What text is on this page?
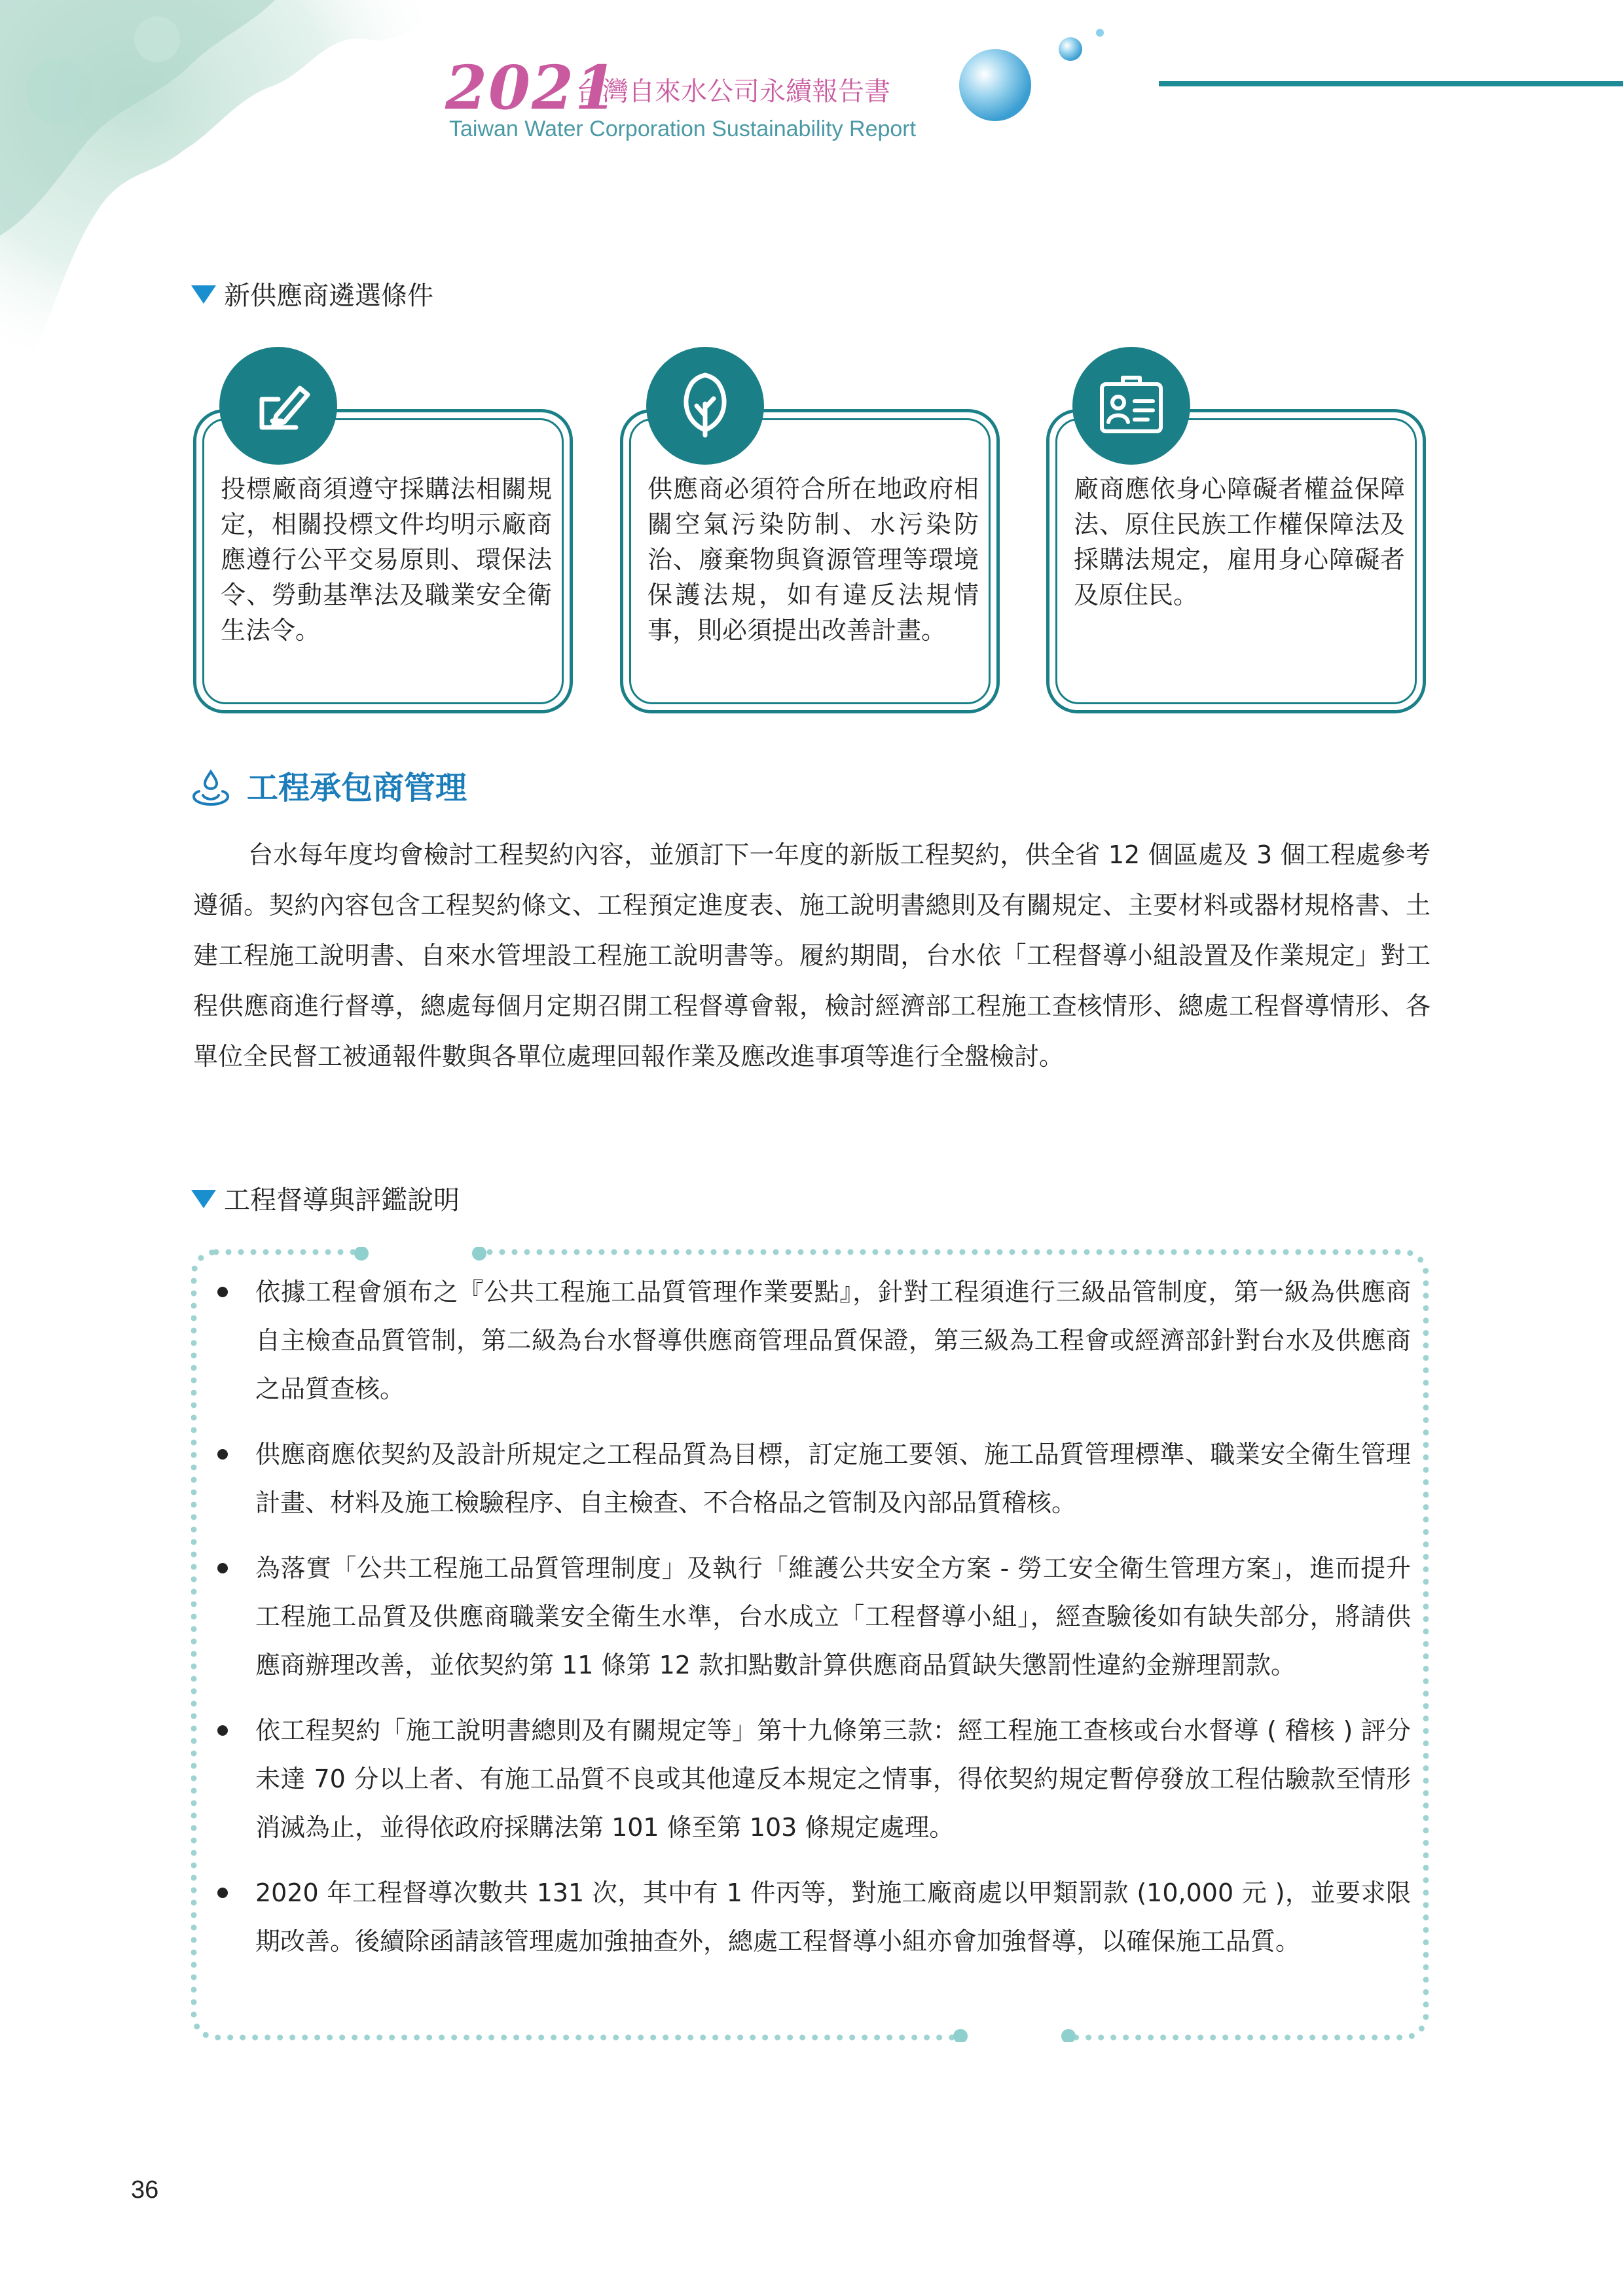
2021
台灣自來水公司永續報告書
Taiwan Water Corporation Sustainability Report
新供應商遴選條件
投標廠商須遵守採購法相關規定，相關投標文件均明示廠商應遵行公平交易原則、環保法令、勞動基準法及職業安全衛生法令。
供應商必須符合所在地政府相關空氣污染防制、水污染防治、廢棄物與資源管理等環境保護法規，如有違反法規情事，則必須提出改善計畫。
廠商應依身心障礙者權益保障法、原住民族工作權保障法及採購法規定，雇用身心障礙者及原住民。
工程承包商管理
台水每年度均會檢討工程契約內容，並頒訂下一年度的新版工程契約，供全省 12 個區處及 3 個工程處參考遵循。契約內容包含工程契約條文、工程預定進度表、施工說明書總則及有關規定、主要材料或器材規格書、土建工程施工說明書、自來水管埋設工程施工說明書等。履約期間，台水依「工程督導小組設置及作業規定」對工程供應商進行督導，總處每個月定期召開工程督導會報，檢討經濟部工程施工查核情形、總處工程督導情形、各單位全民督工被通報件數與各單位處理回報作業及應改進事項等進行全盤檢討。
工程督導與評鑑說明
依據工程會頒布之『公共工程施工品質管理作業要點』，針對工程須進行三級品管制度，第一級為供應商自主檢查品質管制，第二級為台水督導供應商管理品質保證，第三級為工程會或經濟部針對台水及供應商之品質查核。
供應商應依契約及設計所規定之工程品質為目標，訂定施工要領、施工品質管理標準、職業安全衛生管理計畫、材料及施工檢驗程序、自主檢查、不合格品之管制及內部品質稽核。
為落實「公共工程施工品質管理制度」及執行「維護公共安全方案 - 勞工安全衛生管理方案」，進而提升工程施工品質及供應商職業安全衛生水準，台水成立「工程督導小組」，經查驗後如有缺失部分，將請供應商辦理改善，並依契約第 11 條第 12 款扣點數計算供應商品質缺失懲罰性違約金辦理罰款。
依工程契約「施工說明書總則及有關規定等」第十九條第三款：經工程施工查核或台水督導 ( 稽核 ) 評分未達 70 分以上者、有施工品質不良或其他違反本規定之情事，得依契約規定暫停發放工程估驗款至情形消滅為止，並得依政府採購法第 101 條至第 103 條規定處理。
2020 年工程督導次數共 131 次，其中有 1 件丙等，對施工廠商處以甲類罰款 (10,000 元 )，並要求限期改善。後續除函請該管理處加強抽查外，總處工程督導小組亦會加強督導，以確保施工品質。
36
